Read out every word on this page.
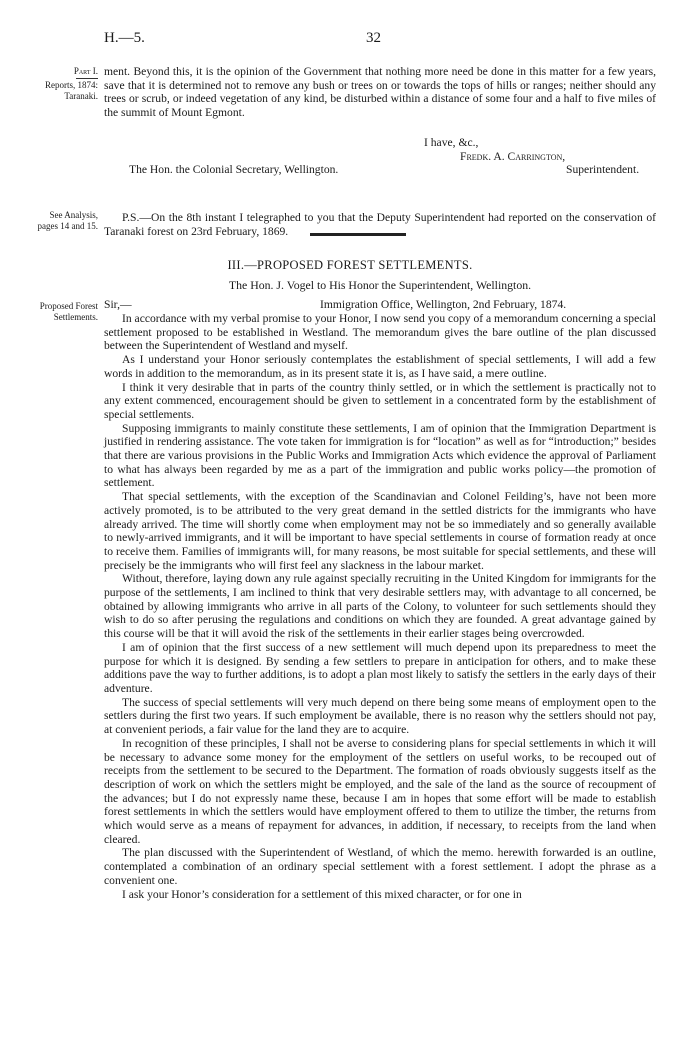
H.—5.	32
Part I.
Reports, 1874:
Taranaki.
See Analysis,
pages 14 and 15.
Proposed Forest
Settlements.

ment. Beyond this, it is the opinion of the Government that nothing more need be done in this matter for a few years, save that it is determined not to remove any bush or trees on or towards the tops of hills or ranges; neither should any trees or scrub, or indeed vegetation of any kind, be disturbed within a distance of some four and a half to five miles of the summit of Mount Egmont.

I have, &c.,
Fredk. A. Carrington,
The Hon. the Colonial Secretary, Wellington.	Superintendent.

P.S.—On the 8th instant I telegraphed to you that the Deputy Superintendent had reported on the conservation of Taranaki forest on 23rd February, 1869.

III.—PROPOSED FOREST SETTLEMENTS.
The Hon. J. Vogel to His Honor the Superintendent, Wellington.
Sir,—	Immigration Office, Wellington, 2nd February, 1874.

In accordance with my verbal promise to your Honor, I now send you copy of a memorandum concerning a special settlement proposed to be established in Westland. The memorandum gives the bare outline of the plan discussed between the Superintendent of Westland and myself.

As I understand your Honor seriously contemplates the establishment of special settlements, I will add a few words in addition to the memorandum, as in its present state it is, as I have said, a mere outline.

I think it very desirable that in parts of the country thinly settled, or in which the settlement is practically not to any extent commenced, encouragement should be given to settlement in a concentrated form by the establishment of special settlements.

Supposing immigrants to mainly constitute these settlements, I am of opinion that the Immigration Department is justified in rendering assistance. The vote taken for immigration is for “location” as well as for “introduction;” besides that there are various provisions in the Public Works and Immigration Acts which evidence the approval of Parliament to what has always been regarded by me as a part of the immigration and public works policy—the promotion of settlement.

That special settlements, with the exception of the Scandinavian and Colonel Feilding’s, have not been more actively promoted, is to be attributed to the very great demand in the settled districts for the immigrants who have already arrived. The time will shortly come when employment may not be so immediately and so generally available to newly-arrived immigrants, and it will be important to have special settlements in course of formation ready at once to receive them. Families of immigrants will, for many reasons, be most suitable for special settlements, and these will precisely be the immigrants who will first feel any slackness in the labour market.

Without, therefore, laying down any rule against specially recruiting in the United Kingdom for immigrants for the purpose of the settlements, I am inclined to think that very desirable settlers may, with advantage to all concerned, be obtained by allowing immigrants who arrive in all parts of the Colony, to volunteer for such settlements should they wish to do so after perusing the regulations and conditions on which they are founded. A great advantage gained by this course will be that it will avoid the risk of the settlements in their earlier stages being overcrowded.

I am of opinion that the first success of a new settlement will much depend upon its preparedness to meet the purpose for which it is designed. By sending a few settlers to prepare in anticipation for others, and to make these additions pave the way to further additions, is to adopt a plan most likely to satisfy the settlers in the early days of their adventure.

The success of special settlements will very much depend on there being some means of employment open to the settlers during the first two years. If such employment be available, there is no reason why the settlers should not pay, at convenient periods, a fair value for the land they are to acquire.

In recognition of these principles, I shall not be averse to considering plans for special settlements in which it will be necessary to advance some money for the employment of the settlers on useful works, to be recouped out of receipts from the settlement to be secured to the Department. The formation of roads obviously suggests itself as the description of work on which the settlers might be employed, and the sale of the land as the source of recoupment of the advances; but I do not expressly name these, because I am in hopes that some effort will be made to establish forest settlements in which the settlers would have employment offered to them to utilize the timber, the returns from which would serve as a means of repayment for advances, in addition, if necessary, to receipts from the land when cleared.

The plan discussed with the Superintendent of Westland, of which the memo. herewith forwarded is an outline, contemplated a combination of an ordinary special settlement with a forest settlement. I adopt the phrase as a convenient one.

I ask your Honor’s consideration for a settlement of this mixed character, or for one in
